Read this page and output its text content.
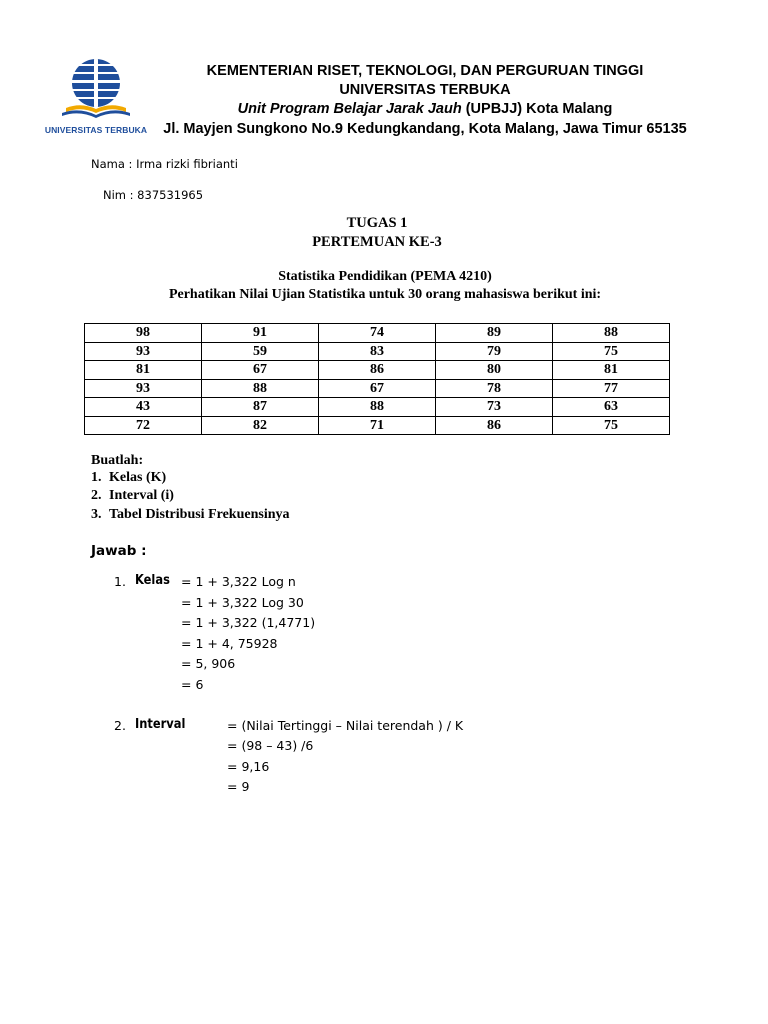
UNIVERSITAS TERBUKA
KEMENTERIAN RISET, TEKNOLOGI, DAN PERGURUAN TINGGI
UNIVERSITAS TERBUKA
Unit Program Belajar Jarak Jauh (UPBJJ) Kota Malang
Jl. Mayjen Sungkono No.9 Kedungkandang, Kota Malang, Jawa Timur 65135
Nama : Irma rizki fibrianti
Nim : 837531965
TUGAS 1
PERTEMUAN KE-3
Statistika Pendidikan (PEMA 4210)
Perhatikan Nilai Ujian Statistika untuk 30 orang mahasiswa berikut ini:
98	91	74	89	88
93	59	83	79	75
81	67	86	80	81
93	88	67	78	77
43	87	88	73	63
72	82	71	86	75
Buatlah:
1. Kelas (K)
2. Interval (i)
3. Tabel Distribusi Frekuensinya
Jawab :
1. Kelas = 1 + 3,322 Log n
= 1 + 3,322 Log 30
= 1 + 3,322 (1,4771)
= 1 + 4, 75928
= 5, 906
= 6
2. Interval	= (Nilai Tertinggi – Nilai terendah ) / K
= (98 – 43) /6
= 9,16
= 9
